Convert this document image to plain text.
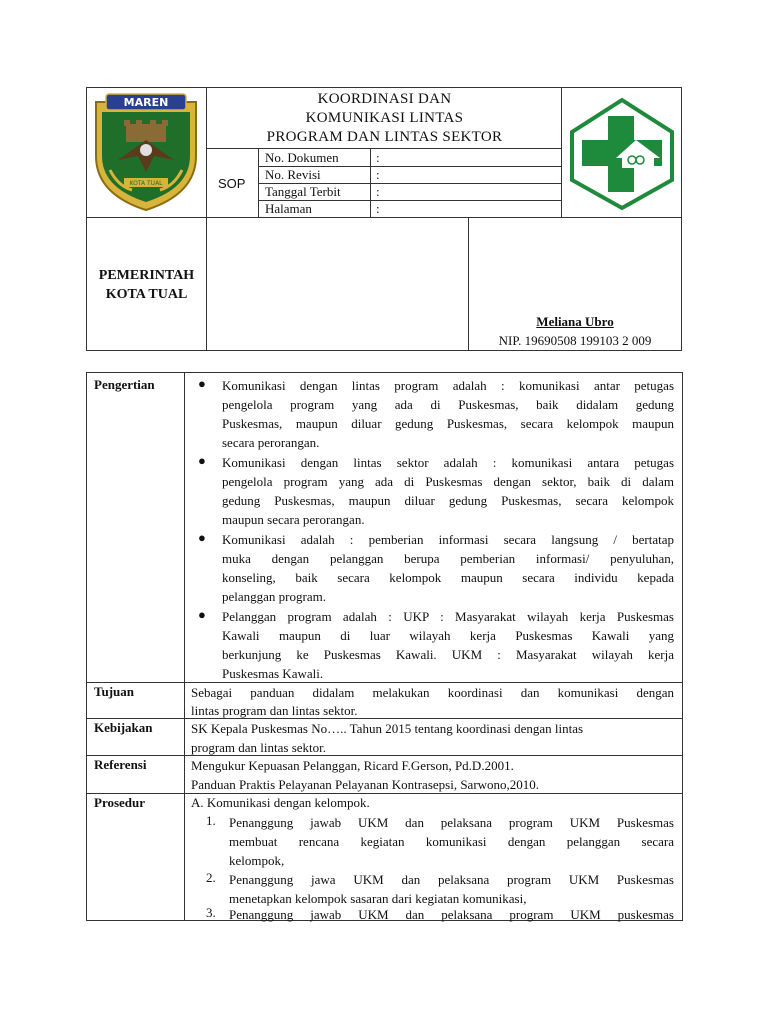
MAREN
KOTA TUAL
KOORDINASI DAN
KOMUNIKASI LINTAS
PROGRAM DAN LINTAS SEKTOR
SOP
No. Dokumen	:
No. Revisi	:
Tanggal Terbit	:
Halaman	:
PEMERINTAH
KOTA TUAL
Meliana Ubro
NIP. 19690508 199103 2 009
Pengertian	● Komunikasi dengan lintas program adalah : komunikasi antar petugas
pengelola program yang ada di Puskesmas, baik didalam gedung
Puskesmas, maupun diluar gedung Puskesmas, secara kelompok maupun
secara perorangan.
● Komunikasi dengan lintas sektor adalah : komunikasi antara petugas
pengelola program yang ada di Puskesmas dengan sektor, baik di dalam
gedung Puskesmas, maupun diluar gedung Puskesmas, secara kelompok
maupun secara perorangan.
● Komunikasi adalah : pemberian informasi secara langsung / bertatap
muka dengan pelanggan berupa pemberian informasi/ penyuluhan,
konseling, baik secara kelompok maupun secara individu kepada
pelanggan program.
● Pelanggan program adalah : UKP : Masyarakat wilayah kerja Puskesmas
Kawali maupun di luar wilayah kerja Puskesmas Kawali yang
berkunjung ke Puskesmas Kawali. UKM : Masyarakat wilayah kerja
Puskesmas Kawali.
Tujuan	Sebagai panduan didalam melakukan koordinasi dan komunikasi dengan
lintas program dan lintas sektor.
Kebijakan	SK Kepala Puskesmas No….. Tahun 2015 tentang koordinasi dengan lintas
program dan lintas sektor.
Referensi	Mengukur Kepuasan Pelanggan, Ricard F.Gerson, Pd.D.2001.
Panduan Praktis Pelayanan Pelayanan Kontrasepsi, Sarwono,2010.
Prosedur	A. Komunikasi dengan kelompok.
1. Penanggung jawab UKM dan pelaksana program UKM Puskesmas
membuat rencana kegiatan komunikasi dengan pelanggan secara
kelompok,
2. Penanggung jawa UKM dan pelaksana program UKM Puskesmas
menetapkan kelompok sasaran dari kegiatan komunikasi,
3. Penanggung jawab UKM dan pelaksana program UKM puskesmas
